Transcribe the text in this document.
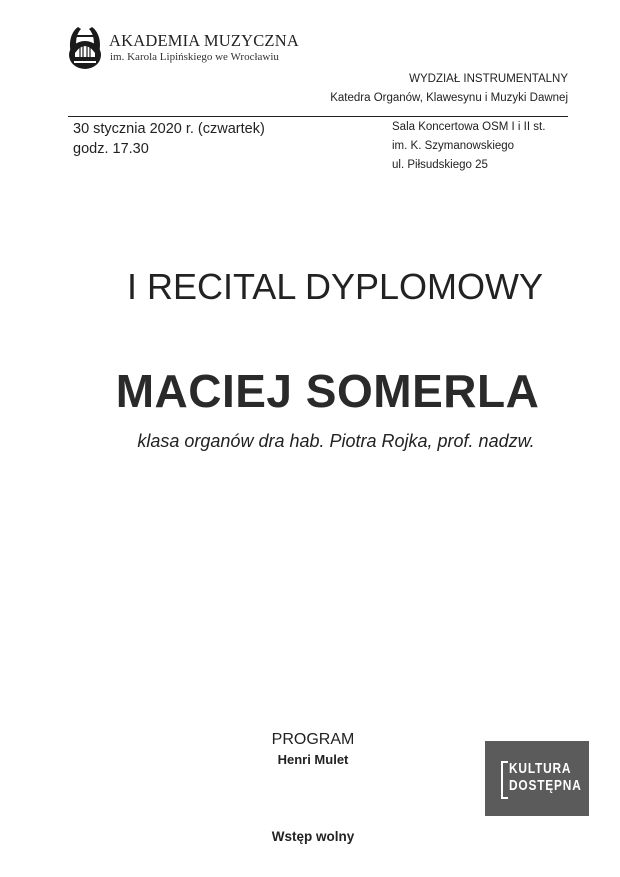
AKADEMIA MUZYCZNA
im. Karola Lipińskiego we Wrocławiu
WYDZIAŁ INSTRUMENTALNY
Katedra Organów, Klawesynu i Muzyki Dawnej
30 stycznia 2020 r. (czwartek)
godz. 17.30
Sala Koncertowa OSM I i II st.
im. K. Szymanowskiego
ul. Piłsudskiego 25
I RECITAL DYPLOMOWY
MACIEJ SOMERLA
klasa organów dra hab. Piotra Rojka, prof. nadzw.
PROGRAM
Henri Mulet
KULTURA
DOSTĘPNA
Wstęp wolny
